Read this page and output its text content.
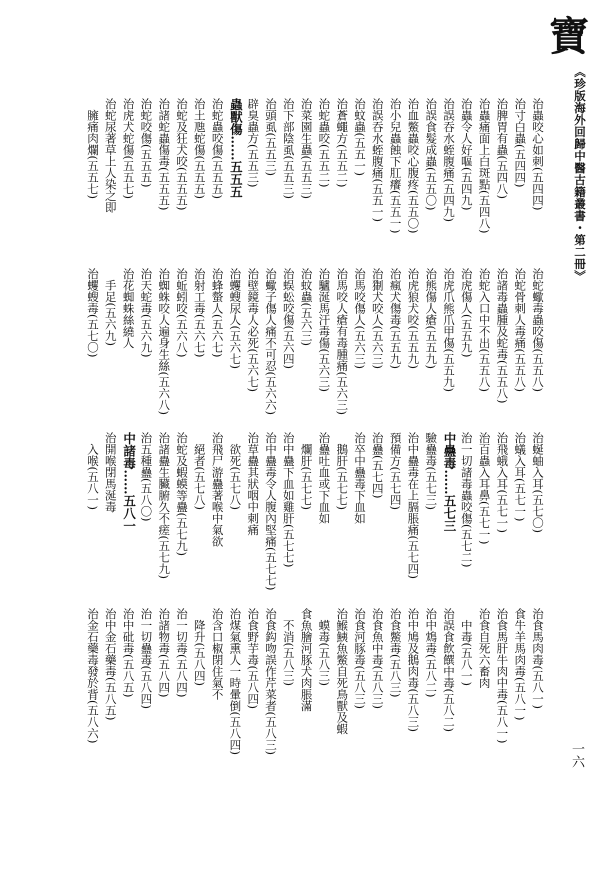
寶
《珍版海外回歸中醫古籍叢書・第二冊》
一六
治蟲咬心如刺(五四四)
治寸白蟲(五四四)
治脾胃有蟲(五四八)
治蟲痛面上白斑點(五四八)
治蟲令人好嘔(五四九)
治誤吞水蛭腹痛(五四九)
治誤食髮成蟲(五五〇)
治血鱉蟲咬心腹疼(五五〇)
治小兒蟲蝕下肛癢(五五一)
治誤吞水蛭腹痛(五五一)
治蚊蟲(五五一)
治蒼蠅方(五五二)
治蛇蟲咬(五五二)
治菜園生蟲(五五三)
治下部陰虱(五五三)
治頭虱(五五三)
辟臭蟲方(五五三)
蟲獸傷……五五五
治蛇蟲咬傷(五五五)
治土虺蛇傷(五五五)
治蛇及狂犬咬(五五五)
治諸蛇蟲傷毒(五五五)
治蛇咬傷(五五五)
治虎犬蛇傷(五五七)
治蛇尿著草上人染之即
　臃痛肉爛(五五七)
治蛇蠍毒蟲咬傷(五五八)
治蛇骨刺人毒痛(五五八)
治諸毒蟲腫及蛇毒(五五八)
治蛇入口中不出(五五八)
治虎傷人(五五九)
治虎爪熊爪甲傷(五五九)
治熊傷人瘡(五五九)
治虎狼犬咬(五五九)
治瘋犬傷毒(五五九)
治猘犬咬人(五六三)
治馬咬傷人(五六三)
治馬咬人瘡有毒腫痛(五六三)
治驢涎馬汗毒傷(五六三)
治蚊蟲(五六三)
治蜈蚣咬傷(五六四)
治蠍子傷人痛不可忍(五六六)
治壁鏡毒人必死(五六七)
治蠼螋尿人(五六七)
治蜂螫人(五六七)
治射工毒(五六七)
治蚯蚓咬(五六八)
治蜘蛛咬人遍身生絲(五六八)
治天蛇毒(五六九)
治花蜘蛛絲繞人
　手足(五六九)
治蠼螋毒(五七〇)
治蜒蚰入耳(五七〇)
治蟻入耳(五七一)
治飛蛾入耳(五七一)
治百蟲入耳鼻(五七一)
治一切諸毒蟲咬傷(五七二)
中蠱毒……五七三
驗蠱毒(五七三)
治中蠱毒在上膈脹痛(五七四)
預備方(五七四)
治蠱(五七四)
治卒中蠱毒下血如
　鵝肝(五七七)
治蠱吐血或下血如
　爛肝(五七七)
治中蠱下血如雞肝(五七七)
治中蠱毒令人腹內堅痛(五七七)
治草蠱其狀咽中刺痛
　欲死(五七八)
治飛尸游蠱著喉中氣欲
　絕者(五七八)
治蛇及蝦蟆等蠱(五七九)
治諸蠱生臟腑久不瘥(五七九)
治五種蠱(五八〇)
中諸毒……五八一
治開喉閉馬涎毒
　入喉(五八一)
治食馬肉毒(五八一)
食牛羊馬肉毒(五八一)
治食馬肝牛肉中毒(五八一)
治食自死六畜肉
　中毒(五八一)
治誤食飲饌中毒(五八二)
治中鴆毒(五八二)
治中鳩及鵝肉毒(五八三)
治食鱉毒(五八三)
治食魚中毒(五八三)
治食河豚毒(五八三)
治鯸鮧魚鱉自死鳥獸及蝦
　蟆毒(五八三)
食魚膾河豚犬肉脹滿
　不消(五八三)
治食鈎吻誤作芹菜者(五八三)
治食野芋毒(五八四)
治煤氣熏人一時暈倒(五八四)
治含口椒閉住氣不
　降升(五八四)
治一切毒(五八四)
治諸物毒(五八四)
治一切蠱毒(五八四)
治中砒毒(五八五)
治中金石藥毒(五八五)
治金石藥毒發於背(五八六)
